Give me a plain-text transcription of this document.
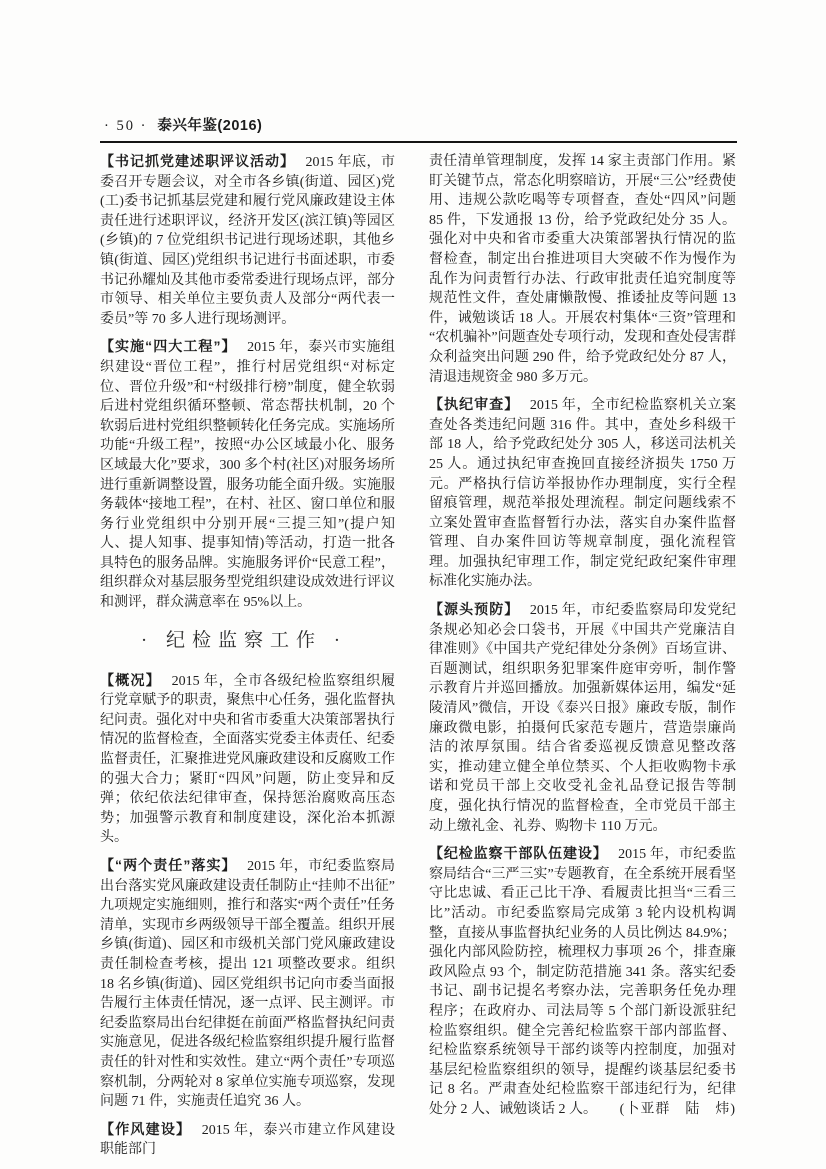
· 50 · 泰兴年鉴(2016)

【书记抓党建述职评议活动】 2015 年底，市委召开专题会议，对全市各乡镇(街道、园区)党(工)委书记抓基层党建和履行党风廉政建设主体责任进行述职评议，经济开发区(滨江镇)等园区(乡镇)的 7 位党组织书记进行现场述职，其他乡镇(街道、园区)党组织书记进行书面述职，市委书记孙耀灿及其他市委常委进行现场点评，部分市领导、相关单位主要负责人及部分“两代表一委员”等 70 多人进行现场测评。

【实施“四大工程”】 2015 年，泰兴市实施组织建设“晋位工程”，推行村居党组织“对标定位、晋位升级”和“村级排行榜”制度，健全软弱后进村党组织循环整顿、常态帮扶机制，20 个软弱后进村党组织整顿转化任务完成。实施场所功能“升级工程”，按照“办公区域最小化、服务区域最大化”要求，300 多个村(社区)对服务场所进行重新调整设置，服务功能全面升级。实施服务载体“接地工程”，在村、社区、窗口单位和服务行业党组织中分别开展“三提三知”(提户知人、提人知事、提事知情)等活动，打造一批各具特色的服务品牌。实施服务评价“民意工程”，组织群众对基层服务型党组织建设成效进行评议和测评，群众满意率在 95%以上。

· 纪检监察工作 ·

【概况】 2015 年，全市各级纪检监察组织履行党章赋予的职责，聚焦中心任务，强化监督执纪问责。强化对中央和省市委重大决策部署执行情况的监督检查，全面落实党委主体责任、纪委监督责任，汇聚推进党风廉政建设和反腐败工作的强大合力；紧盯“四风”问题，防止变异和反弹；依纪依法纪律审查，保持惩治腐败高压态势；加强警示教育和制度建设，深化治本抓源头。

【“两个责任”落实】 2015 年，市纪委监察局出台落实党风廉政建设责任制防止“挂帅不出征”九项规定实施细则，推行和落实“两个责任”任务清单，实现市乡两级领导干部全覆盖。组织开展乡镇(街道)、园区和市级机关部门党风廉政建设责任制检查考核，提出 121 项整改要求。组织 18 名乡镇(街道)、园区党组织书记向市委当面报告履行主体责任情况，逐一点评、民主测评。市纪委监察局出台纪律挺在前面严格监督执纪问责实施意见，促进各级纪检监察组织提升履行监督责任的针对性和实效性。建立“两个责任”专项巡察机制，分两轮对 8 家单位实施专项巡察，发现问题 71 件，实施责任追究 36 人。

【作风建设】 2015 年，泰兴市建立作风建设职能部门

责任清单管理制度，发挥 14 家主责部门作用。紧盯关键节点，常态化明察暗访，开展“三公”经费使用、违规公款吃喝等专项督查，查处“四风”问题 85 件，下发通报 13 份，给予党政纪处分 35 人。强化对中央和省市委重大决策部署执行情况的监督检查，制定出台推进项目大突破不作为慢作为乱作为问责暂行办法、行政审批责任追究制度等规范性文件，查处庸懒散慢、推诿扯皮等问题 13 件，诫勉谈话 18 人。开展农村集体“三资”管理和“农机骗补”问题查处专项行动，发现和查处侵害群众利益突出问题 290 件，给予党政纪处分 87 人，清退违规资金 980 多万元。

【执纪审查】 2015 年，全市纪检监察机关立案查处各类违纪问题 316 件。其中，查处乡科级干部 18 人，给予党政纪处分 305 人，移送司法机关 25 人。通过执纪审查挽回直接经济损失 1750 万元。严格执行信访举报协作办理制度，实行全程留痕管理，规范举报处理流程。制定问题线索不立案处置审查监督暂行办法，落实自办案件监督管理、自办案件回访等规章制度，强化流程管理。加强执纪审理工作，制定党纪政纪案件审理标准化实施办法。

【源头预防】 2015 年，市纪委监察局印发党纪条规必知必会口袋书，开展《中国共产党廉洁自律准则》《中国共产党纪律处分条例》百场宣讲、百题测试，组织职务犯罪案件庭审旁听，制作警示教育片并巡回播放。加强新媒体运用，编发“延陵清风”微信，开设《泰兴日报》廉政专版，制作廉政微电影，拍摄何氏家范专题片，营造崇廉尚洁的浓厚氛围。结合省委巡视反馈意见整改落实，推动建立健全单位禁买、个人拒收购物卡承诺和党员干部上交收受礼金礼品登记报告等制度，强化执行情况的监督检查，全市党员干部主动上缴礼金、礼券、购物卡 110 万元。

【纪检监察干部队伍建设】 2015 年，市纪委监察局结合“三严三实”专题教育，在全系统开展看坚守比忠诚、看正己比干净、看履责比担当“三看三比”活动。市纪委监察局完成第 3 轮内设机构调整，直接从事监督执纪业务的人员比例达 84.9%；强化内部风险防控，梳理权力事项 26 个，排查廉政风险点 93 个，制定防范措施 341 条。落实纪委书记、副书记提名考察办法，完善职务任免办理程序；在政府办、司法局等 5 个部门新设派驻纪检监察组织。健全完善纪检监察干部内部监督、纪检监察系统领导干部约谈等内控制度，加强对基层纪检监察组织的领导，提醒约谈基层纪委书记 8 名。严肃查处纪检监察干部违纪行为，纪律处分 2 人、诫勉谈话 2 人。	(卜亚群　陆　炜)
